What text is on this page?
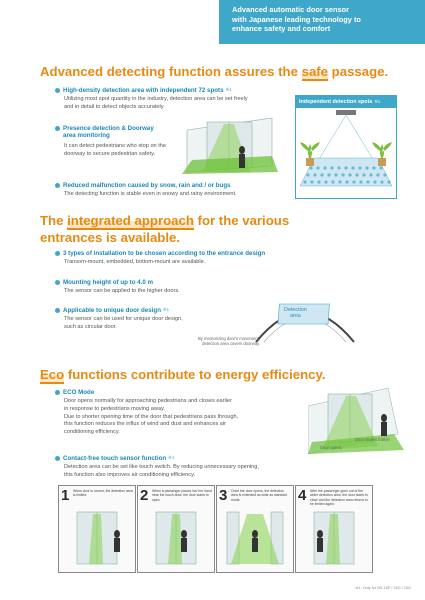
Advanced automatic door sensor
with Japanese leading technology to
enhance safety and comfort
Advanced detecting function assures the safe passage.
High-density detection area with independent 72 spots ※1
Utilizing most spot quantity in the industry, detection area can be set freely
and in detail to detect objects accurately.
Presence detection & Doorway
area monitoring
It can detect pedestrians who stop on the
doorway to secure pedestrian safety.
Reduced malfunction caused by snow, rain and / or bugs
The detecting function is stable even in snowy and rainy environment.
Independent detection spots ※1
The integrated approach for the various
entrances is available.
3 types of installation to be chosen according to the entrance design
Transom-mount, embedded, bottom-mount are available.
Mounting height of up to 4.0 m
The sensor can be applied to the higher doors.
Applicable to unique door design ※1
The sensor can be used for unique door design,
such as circular door.
Detection
area
By memorizing door's movement,
detection area covers doorway.
Eco functions contribute to energy efficiency.
ECO Mode
Door opens normally for approaching pedestrians and closes earlier
in response to pedestrians moving away.
Due to shorter opening time of the door that pedestrians pass through,
this function reduces the influx of wind and dust and enhances air
conditioning efficiency.
Contact-free touch sensor function ※1
Detection area can be set like touch switch. By reducing unnecessary opening,
this function also improves air conditioning efficiency.
Door closes earlier
Door opens
1 When door is closed, the detection area is limited.	2 When a passenger places his/ her hand near the touch area, the door starts to open.	3 Once the door opens, the detection area is extended as wide as standard mode.	4 After the passenger goes out of the wider detection area, the door starts to close and the detection area returns to be limited again.
※1: Only for NS-16P / 16G / 16G
